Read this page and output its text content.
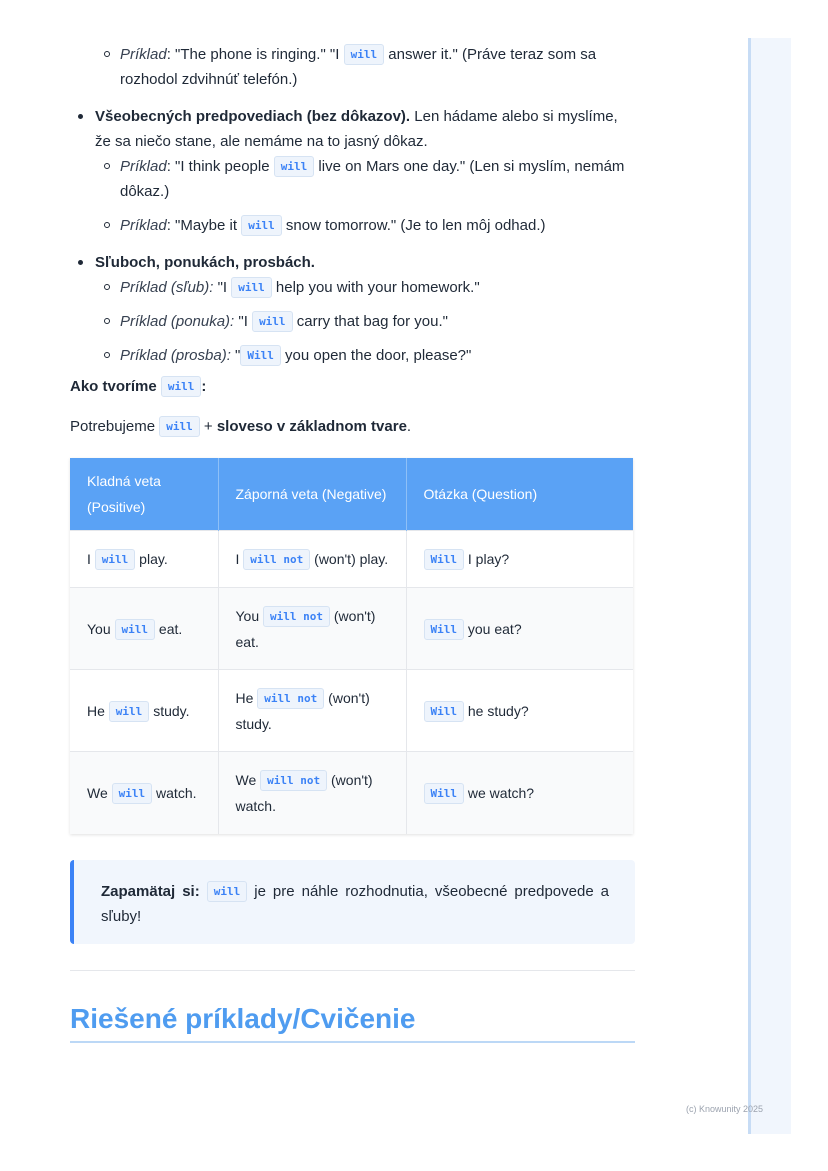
(c) Knowunity 2025
Príklad: "The phone is ringing." "I will answer it." (Práve teraz som sa rozhodol zdvihnúť telefón.)
Všeobecných predpovediach (bez dôkazov). Len hádame alebo si myslíme, že sa niečo stane, ale nemáme na to jasný dôkaz.
Príklad: "I think people will live on Mars one day." (Len si myslím, nemám dôkaz.)
Príklad: "Maybe it will snow tomorrow." (Je to len môj odhad.)
Sľuboch, ponukách, prosbách.
Príklad (sľub): "I will help you with your homework."
Príklad (ponuka): "I will carry that bag for you."
Príklad (prosba): " Will you open the door, please?"

Ako tvoríme will :

Potrebujeme will + sloveso v základnom tvare.

Kladná veta (Positive)	Záporná veta (Negative)	Otázka (Question)
I will play.	I will not (won't) play.	Will I play?
You will eat.	You will not (won't) eat.	Will you eat?
He will study.	He will not (won't) study.	Will he study?
We will watch.	We will not (won't) watch.	Will we watch?
Zapamätaj si: will je pre náhle rozhodnutia, všeobecné predpovede a sľuby!
Riešené príklady/Cvičenie
